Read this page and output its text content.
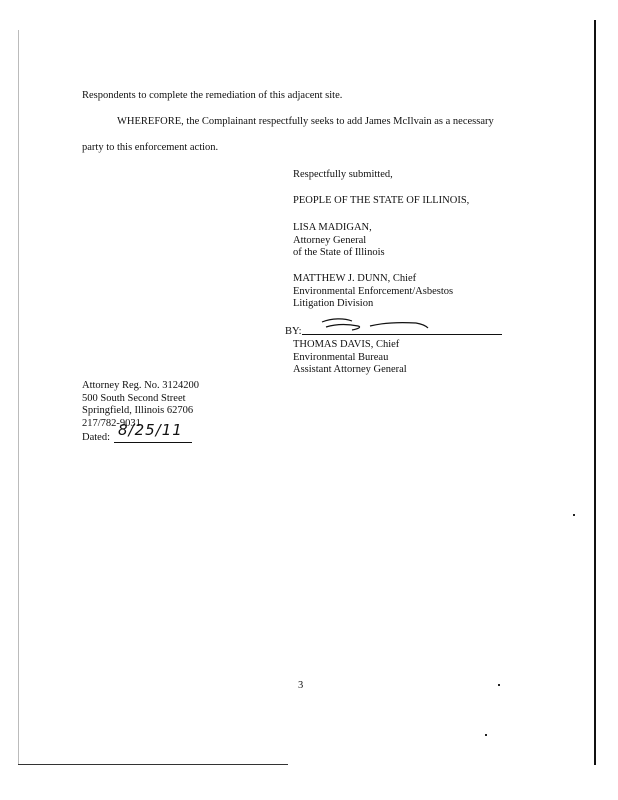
Respondents to complete the remediation of this adjacent site.
WHEREFORE, the Complainant respectfully seeks to add James McIlvain as a necessary
party to this enforcement action.
Respectfully submitted,
PEOPLE OF THE STATE OF ILLINOIS,
LISA MADIGAN,
Attorney General
of the State of Illinois
MATTHEW J. DUNN, Chief
Environmental Enforcement/Asbestos
Litigation Division
BY:
THOMAS DAVIS, Chief
Environmental Bureau
Assistant Attorney General
Attorney Reg. No. 3124200
500 South Second Street
Springfield, Illinois 62706
217/782-9031
Dated: 8/25/11
3
